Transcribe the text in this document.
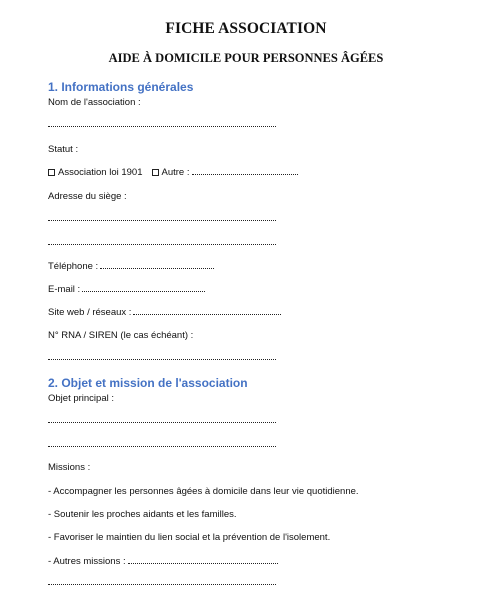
FICHE ASSOCIATION
AIDE À DOMICILE POUR PERSONNES ÂGÉES
1. Informations générales
Nom de l'association :
Statut :
Association loi 1901 Autre :
Adresse du siège :
Téléphone :
E-mail :
Site web / réseaux :
N° RNA / SIREN (le cas échéant) :
2. Objet et mission de l'association
Objet principal :
Missions :
- Accompagner les personnes âgées à domicile dans leur vie quotidienne.
- Soutenir les proches aidants et les familles.
- Favoriser le maintien du lien social et la prévention de l'isolement.
- Autres missions :
